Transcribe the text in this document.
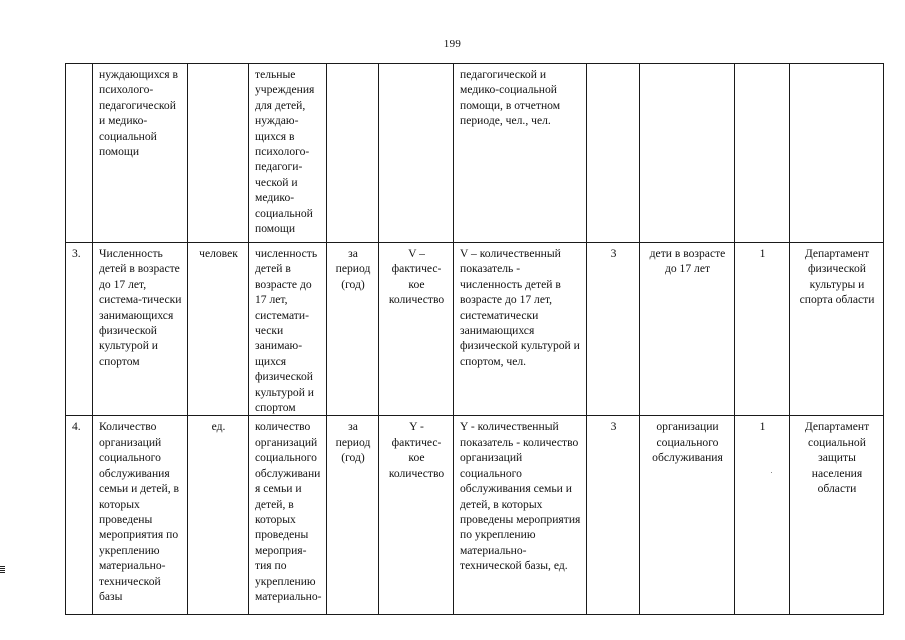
199
	нуждающихся в психолого-педагогической и медико-социальной помощи		тельные учреждения для детей, нуждаю-щихся в психолого-педагоги-ческой и медико-социальной помощи			педагогической и медико-социальной помощи, в отчетном периоде, чел., чел.				
3.	Численность детей в возрасте до 17 лет, система-тически занимающихся физической культурой и спортом	человек	численность детей в возрасте до 17 лет, системати-чески занимаю-щихся физической культурой и спортом	за период (год)	V – фактичес-кое количество	V – количественный показатель - численность детей в возрасте до 17 лет, систематически занимающихся физической культурой и спортом, чел.	3	дети в возрасте до 17 лет	1	Департамент физической культуры и спорта области
4.	Количество организаций социального обслуживания семьи и детей, в которых проведены мероприятия по укреплению материально-технической базы	ед.	количество организаций социального обслуживани я семьи и детей, в которых проведены мероприя-тия по укреплению материально-	за период (год)	Y - фактичес-кое количество	Y - количественный показатель - количество организаций социального обслуживания семьи и детей, в которых проведены мероприятия по укреплению материально-технической базы, ед.	3	организации социального обслуживания	1	Департамент социальной защиты населения области
